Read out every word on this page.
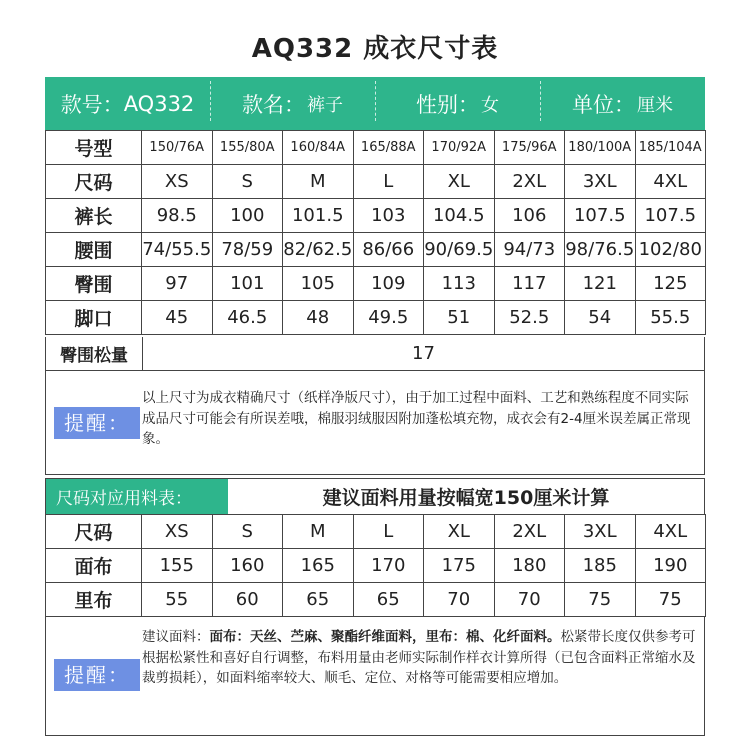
AQ332 成衣尺寸表
款号： AQ332 款名： 裤子	性别： 女	单位： 厘米
号型	150/76A	155/80A	160/84A	165/88A	170/92A	175/96A	180/100A	185/104A
尺码	XS	S	M	L	XL	2XL	3XL	4XL
裤长	98.5	100	101.5	103	104.5	106	107.5	107.5
腰围	74/55.5	78/59	82/62.5	86/66	90/69.5	94/73	98/76.5	102/80
臀围	97	101	105	109	113	117	121	125
脚口	45	46.5	48	49.5	51	52.5	54	55.5
臀围松量	17
提醒：
以上尺寸为成衣精确尺寸（纸样净版尺寸），由于加工过程中面料、工艺和熟练程度不同实际成品尺寸可能会有所误差哦，棉服羽绒服因附加蓬松填充物，成衣会有2-4厘米误差属正常现象。
尺码对应用料表：	建议面料用量按幅宽150厘米计算
尺码	XS	S	M	L	XL	2XL	3XL	4XL
面布	155	160	165	170	175	180	185	190
里布	55	60	65	65	70	70	75	75
提醒：
建议面料：面布：天丝、苎麻、聚酯纤维面料，里布：棉、化纤面料。松紧带长度仅供参考可根据松紧性和喜好自行调整，布料用量由老师实际制作样衣计算所得（已包含面料正常缩水及裁剪损耗），如面料缩率较大、顺毛、定位、对格等可能需要相应增加。
